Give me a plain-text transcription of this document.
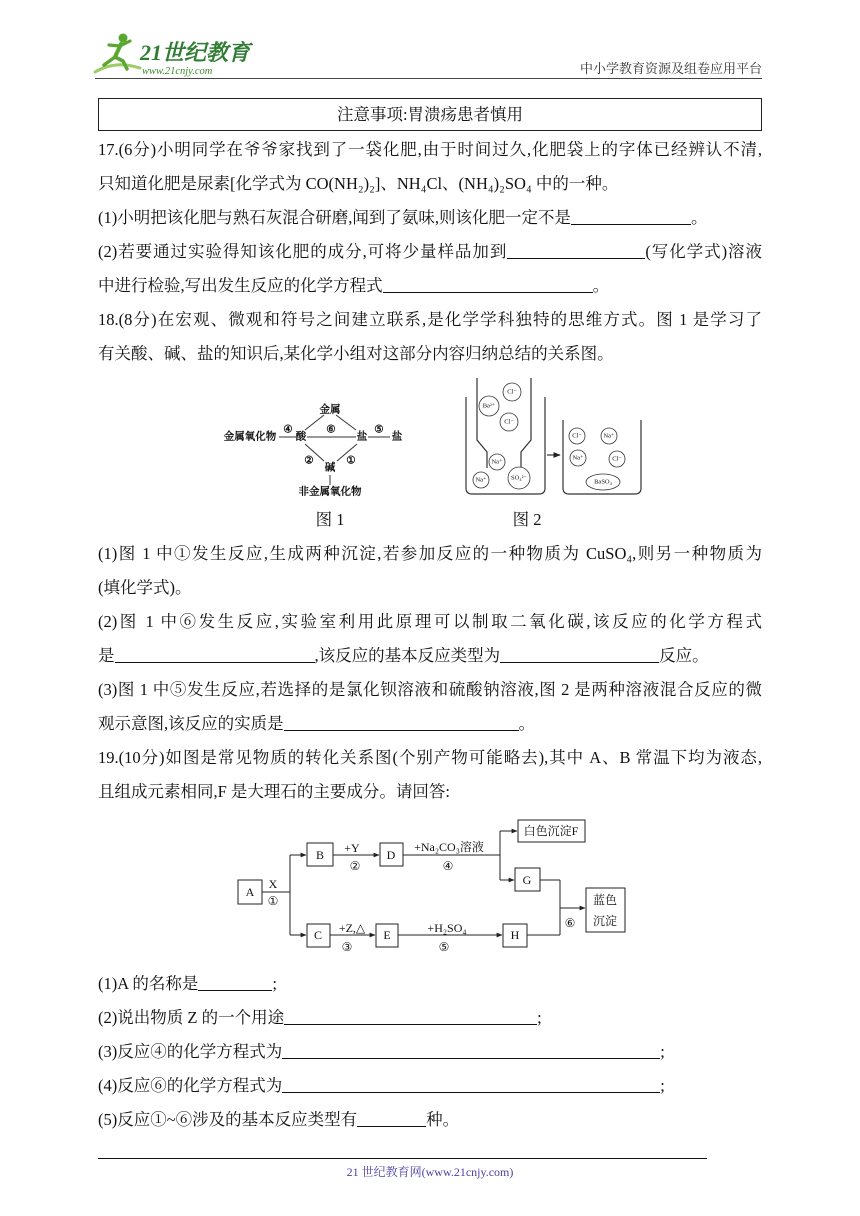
21世纪教育
www.21cnjy.com	中小学教育资源及组卷应用平台
注意事项:胃溃疡患者慎用
17.(6分)小明同学在爷爷家找到了一袋化肥,由于时间过久,化肥袋上的字体已经辨认不清,
只知道化肥是尿素[化学式为 CO(NH₂)₂]、NH₄Cl、(NH₄)₂SO₄ 中的一种。
(1)小明把该化肥与熟石灰混合研磨,闻到了氨味,则该化肥一定不是	。
(2)若要通过实验得知该化肥的成分,可将少量样品加到	(写化学式)溶液
中进行检验,写出发生反应的化学方程式	。
18.(8分)在宏观、微观和符号之间建立联系,是化学学科独特的思维方式。图 1 是学习了
有关酸、碱、盐的知识后,某化学小组对这部分内容归纳总结的关系图。
金属
金属氧化物
④
酸
⑥
盐
⑤
盐
②	①
碱
非金属氧化物
Cl⁻
Ba²⁺
Cl⁻
Na⁺
Na⁺	SO₄²⁻
Cl⁻	Na⁺
Na⁺	Cl⁻
BaSO₄
图 1	图 2
(1)图 1 中①发生反应,生成两种沉淀,若参加反应的一种物质为 CuSO₄,则另一种物质为
(填化学式)。
(2)图 1 中⑥发生反应,实验室利用此原理可以制取二氧化碳,该反应的化学方程式
是	,该反应的基本反应类型为	反应。
(3)图 1 中⑤发生反应,若选择的是氯化钡溶液和硫酸钠溶液,图 2 是两种溶液混合反应的微
观示意图,该反应的实质是	。
19.(10分)如图是常见物质的转化关系图(个别产物可能略去),其中 A、B 常温下均为液态,
且组成元素相同,F 是大理石的主要成分。请回答:
A
B	D
白色沉淀F
G
C	E	H
蓝色
沉淀
X
①
+Y
②
+Na₂CO₃溶液
④
+Z,△
③
+H₂SO₄
⑤
⑥
(1)A 的名称是	;
(2)说出物质 Z 的一个用途	;
(3)反应④的化学方程式为	;
(4)反应⑥的化学方程式为	;
(5)反应①~⑥涉及的基本反应类型有	种。
21 世纪教育网(www.21cnjy.com)
